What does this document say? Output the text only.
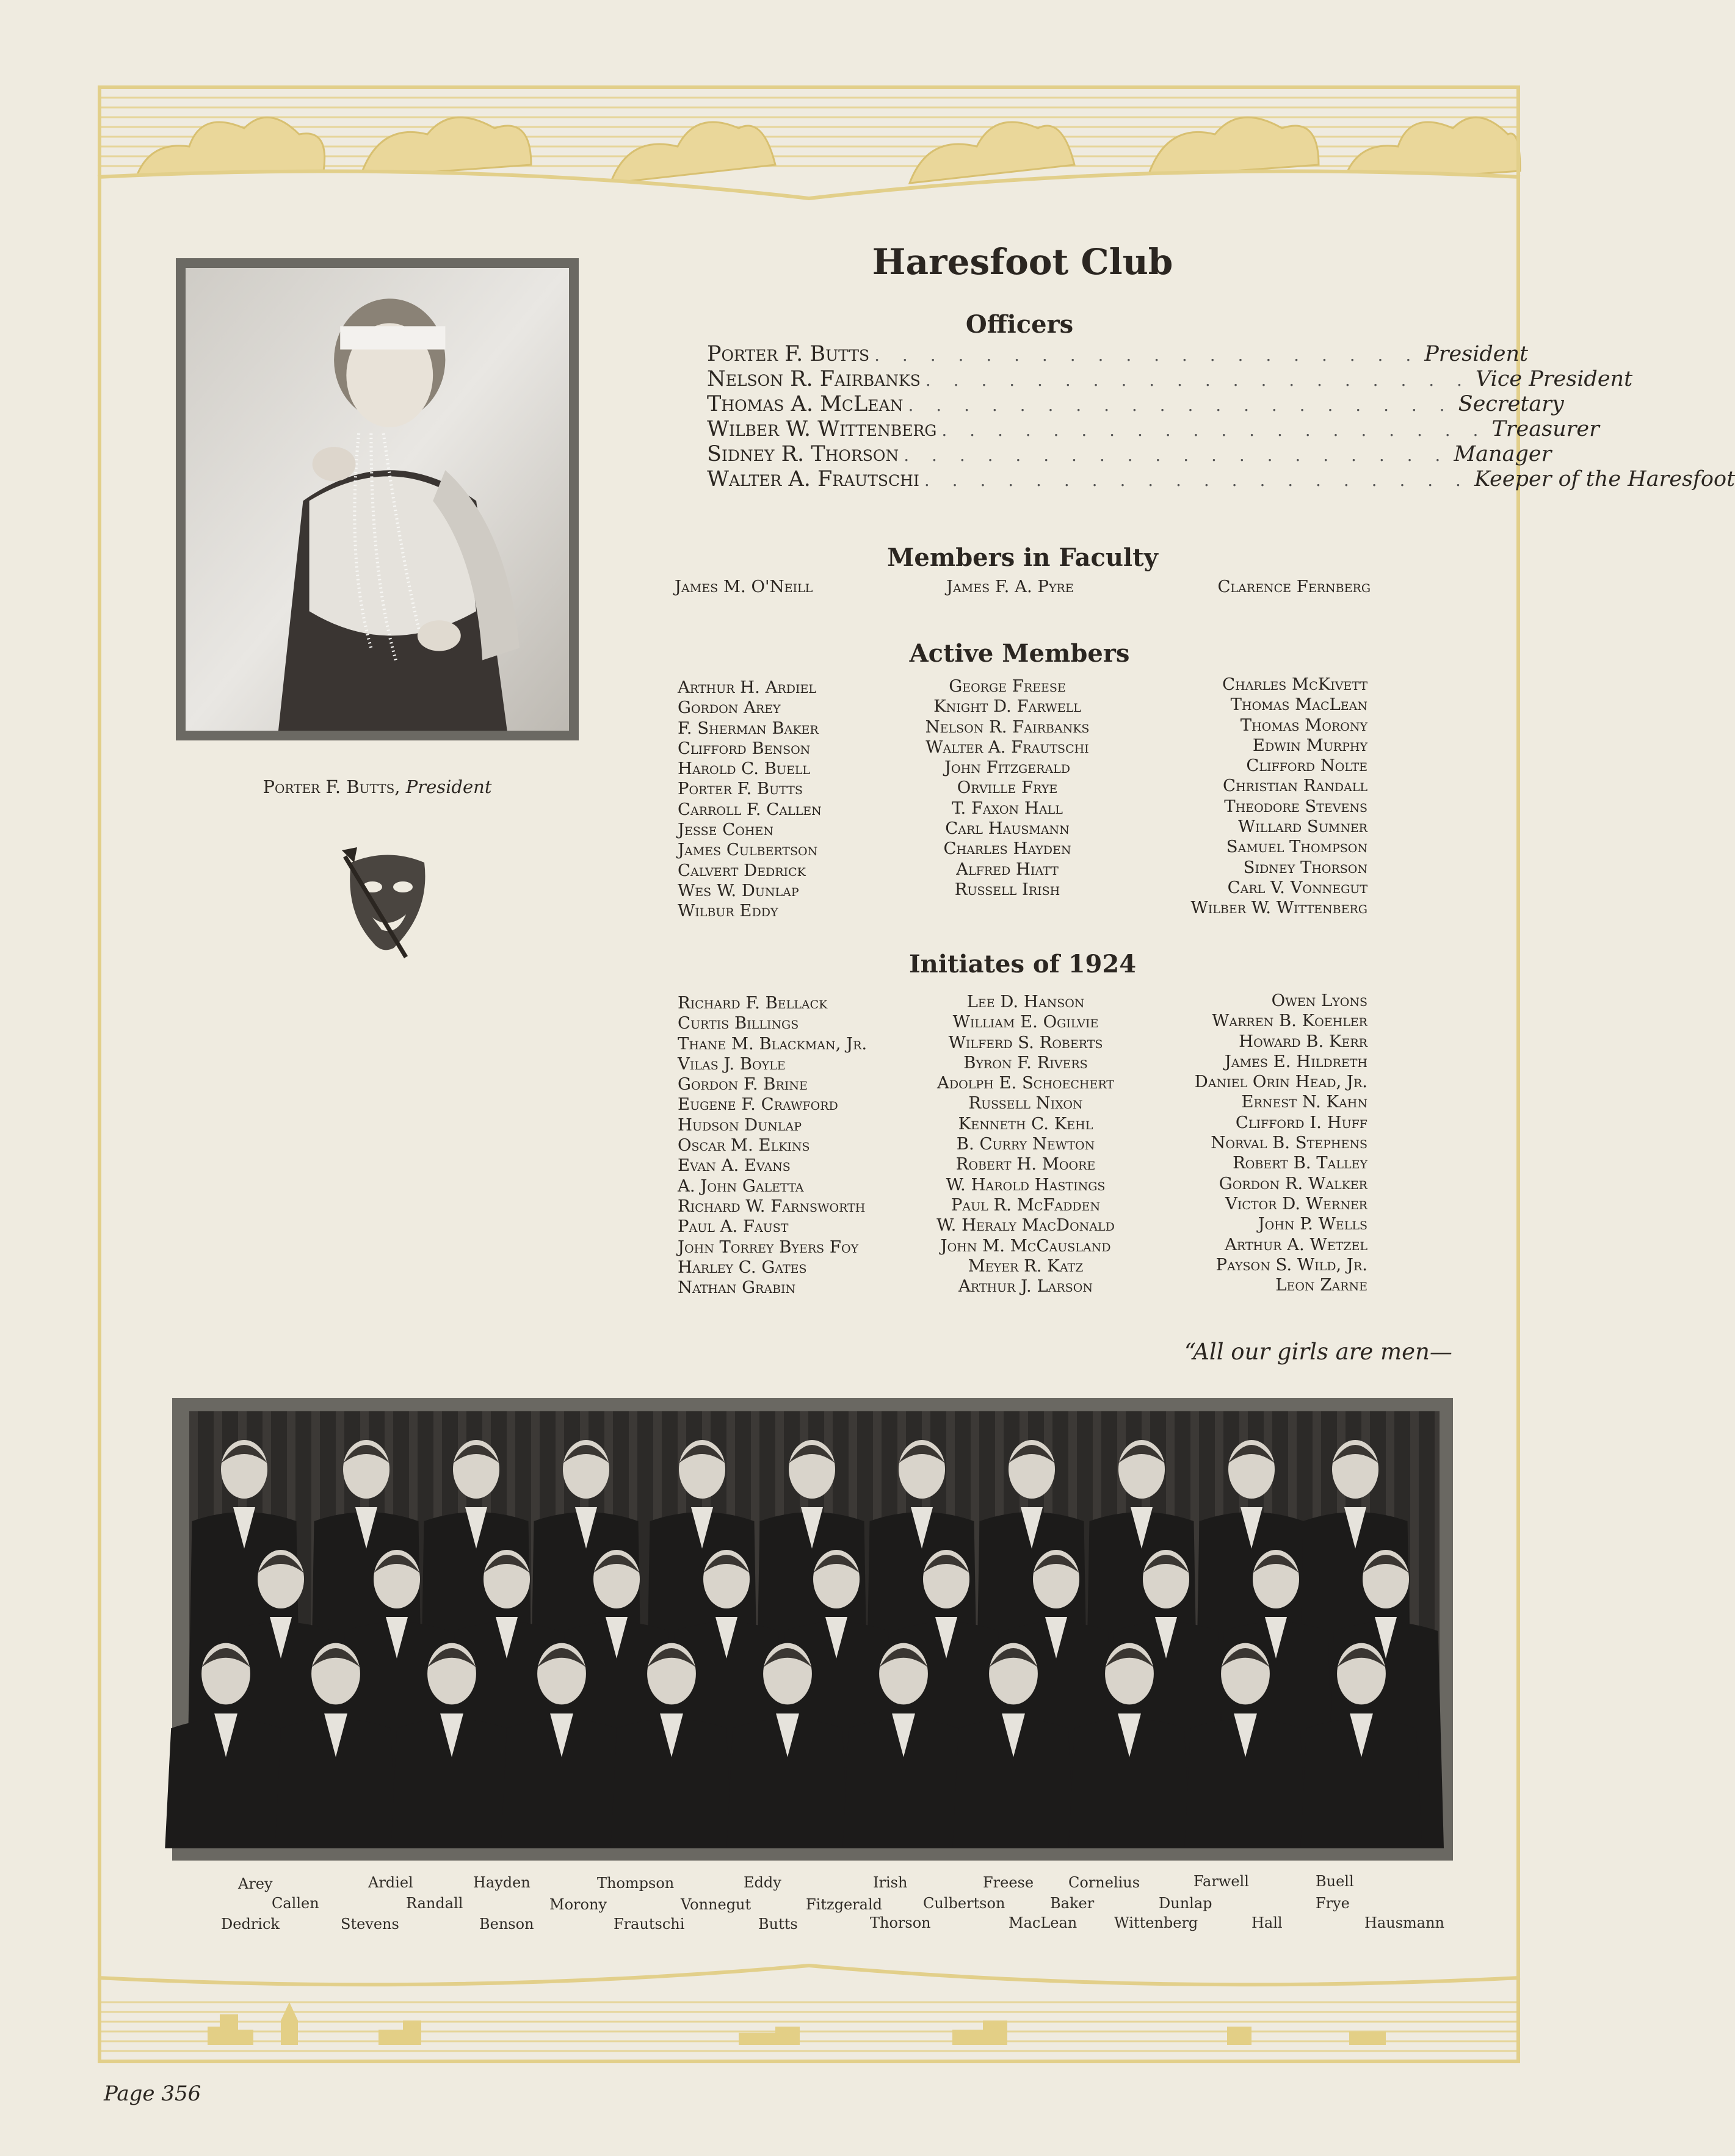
Porter F. Butts, President
Haresfoot Club
Officers
Porter F. Butts . . . . . . . . . . . . . . . . . . . . President
Nelson R. Fairbanks . . . . . . . . . . . . . . . . . . . . Vice President
Thomas A. McLean . . . . . . . . . . . . . . . . . . . . Secretary
Wilber W. Wittenberg . . . . . . . . . . . . . . . . . . . . Treasurer
Sidney R. Thorson . . . . . . . . . . . . . . . . . . . . Manager
Walter A. Frautschi . . . . . . . . . . . . . . . . . . . . Keeper of the Haresfoot
Members in Faculty
James M. O'Neill	James F. A. Pyre	Clarence Fernberg
Active Members
Arthur H. Ardiel
Gordon Arey
F. Sherman Baker
Clifford Benson
Harold C. Buell
Porter F. Butts
Carroll F. Callen
Jesse Cohen
James Culbertson
Calvert Dedrick
Wes W. Dunlap
Wilbur Eddy
George Freese
Knight D. Farwell
Nelson R. Fairbanks
Walter A. Frautschi
John Fitzgerald
Orville Frye
T. Faxon Hall
Carl Hausmann
Charles Hayden
Alfred Hiatt
Russell Irish
Charles McKivett
Thomas MacLean
Thomas Morony
Edwin Murphy
Clifford Nolte
Christian Randall
Theodore Stevens
Willard Sumner
Samuel Thompson
Sidney Thorson
Carl V. Vonnegut
Wilber W. Wittenberg
Initiates of 1924
Richard F. Bellack
Curtis Billings
Thane M. Blackman, Jr.
Vilas J. Boyle
Gordon F. Brine
Eugene F. Crawford
Hudson Dunlap
Oscar M. Elkins
Evan A. Evans
A. John Galetta
Richard W. Farnsworth
Paul A. Faust
John Torrey Byers Foy
Harley C. Gates
Nathan Grabin
Lee D. Hanson
William E. Ogilvie
Wilferd S. Roberts
Byron F. Rivers
Adolph E. Schoechert
Russell Nixon
Kenneth C. Kehl
B. Curry Newton
Robert H. Moore
W. Harold Hastings
Paul R. McFadden
W. Heraly MacDonald
John M. McCausland
Meyer R. Katz
Arthur J. Larson
Owen Lyons
Warren B. Koehler
Howard B. Kerr
James E. Hildreth
Daniel Orin Head, Jr.
Ernest N. Kahn
Clifford I. Huff
Norval B. Stephens
Robert B. Talley
Gordon R. Walker
Victor D. Werner
John P. Wells
Arthur A. Wetzel
Payson S. Wild, Jr.
Leon Zarne
“All our girls are men—
Arey	Ardiel	Hayden	Thompson	Eddy	Irish	Freese Cornelius	Farwell	Buell
Callen	Randall	Morony	Vonnegut	Fitzgerald	Culbertson	Baker	Dunlap	Frye
Dedrick	Stevens	Benson	Frautschi	Butts	Thorson	MacLean	Wittenberg	Hall	Hausmann
Page 356
